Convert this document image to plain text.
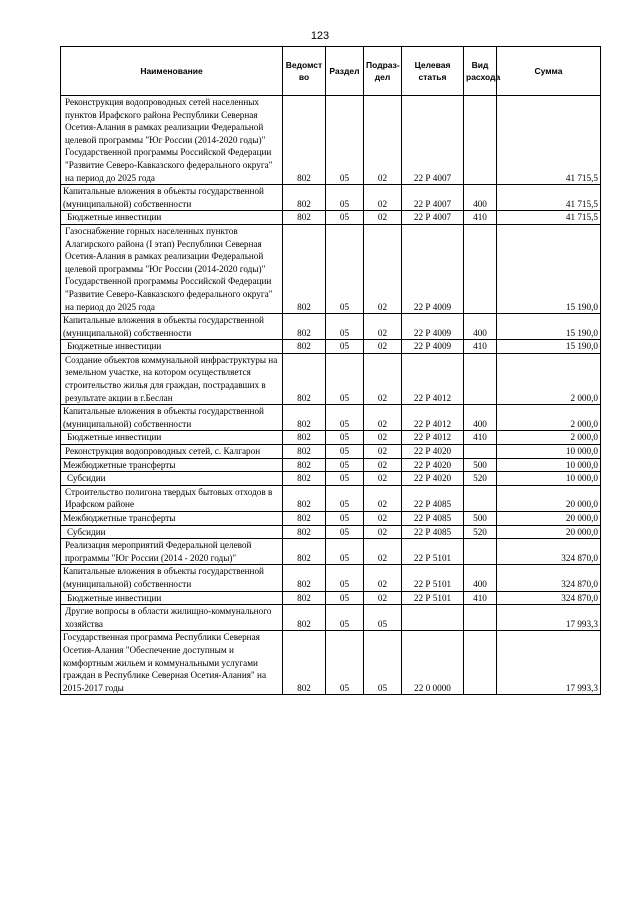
123
Наименование	Ведомст во	Раздел	Подраз- дел	Целевая статья	Вид расхода	Сумма
Реконструкция водопроводных сетей населенных пунктов Ирафского района Республики Северная Осетия-Алания в рамках реализации Федеральной целевой программы "Юг России (2014-2020 годы)" Государственной программы Российской Федерации "Развитие Северо-Кавказского федерального округа" на период до 2025 года	802	05	02	22 Р 4007		41 715,5
Капитальные вложения в объекты государственной (муниципальной) собственности	802	05	02	22 Р 4007	400	41 715,5
Бюджетные инвестиции	802	05	02	22 Р 4007	410	41 715,5
Газоснабжение горных населенных пунктов Алагирского района (I этап) Республики Северная Осетия-Алания в рамках реализации Федеральной целевой программы "Юг России (2014-2020 годы)" Государственной программы Российской Федерации "Развитие Северо-Кавказского федерального округа" на период до 2025 года	802	05	02	22 Р 4009		15 190,0
Капитальные вложения в объекты государственной (муниципальной) собственности	802	05	02	22 Р 4009	400	15 190,0
Бюджетные инвестиции	802	05	02	22 Р 4009	410	15 190,0
Создание объектов коммунальной инфраструктуры на земельном участке, на котором осуществляется строительство жилья для граждан, пострадавших в результате акции в г.Беслан	802	05	02	22 Р 4012		2 000,0
Капитальные вложения в объекты государственной (муниципальной) собственности	802	05	02	22 Р 4012	400	2 000,0
Бюджетные инвестиции	802	05	02	22 Р 4012	410	2 000,0
Реконструкция водопроводных сетей, с. Калгарон	802	05	02	22 Р 4020		10 000,0
Межбюджетные трансферты	802	05	02	22 Р 4020	500	10 000,0
Субсидии	802	05	02	22 Р 4020	520	10 000,0
Строительство полигона твердых бытовых отходов в Ирафском районе	802	05	02	22 Р 4085		20 000,0
Межбюджетные трансферты	802	05	02	22 Р 4085	500	20 000,0
Субсидии	802	05	02	22 Р 4085	520	20 000,0
Реализация мероприятий Федеральной целевой программы "Юг России (2014 - 2020 годы)"	802	05	02	22 Р 5101		324 870,0
Капитальные вложения в объекты государственной (муниципальной) собственности	802	05	02	22 Р 5101	400	324 870,0
Бюджетные инвестиции	802	05	02	22 Р 5101	410	324 870,0
Другие вопросы в области жилищно-коммунального хозяйства	802	05	05			17 993,3
Государственная программа Республики Северная Осетия-Алания "Обеспечение доступным и комфортным жильем и коммунальными услугами граждан в Республике Северная Осетия-Алания" на 2015-2017 годы	802	05	05	22 0 0000		17 993,3
